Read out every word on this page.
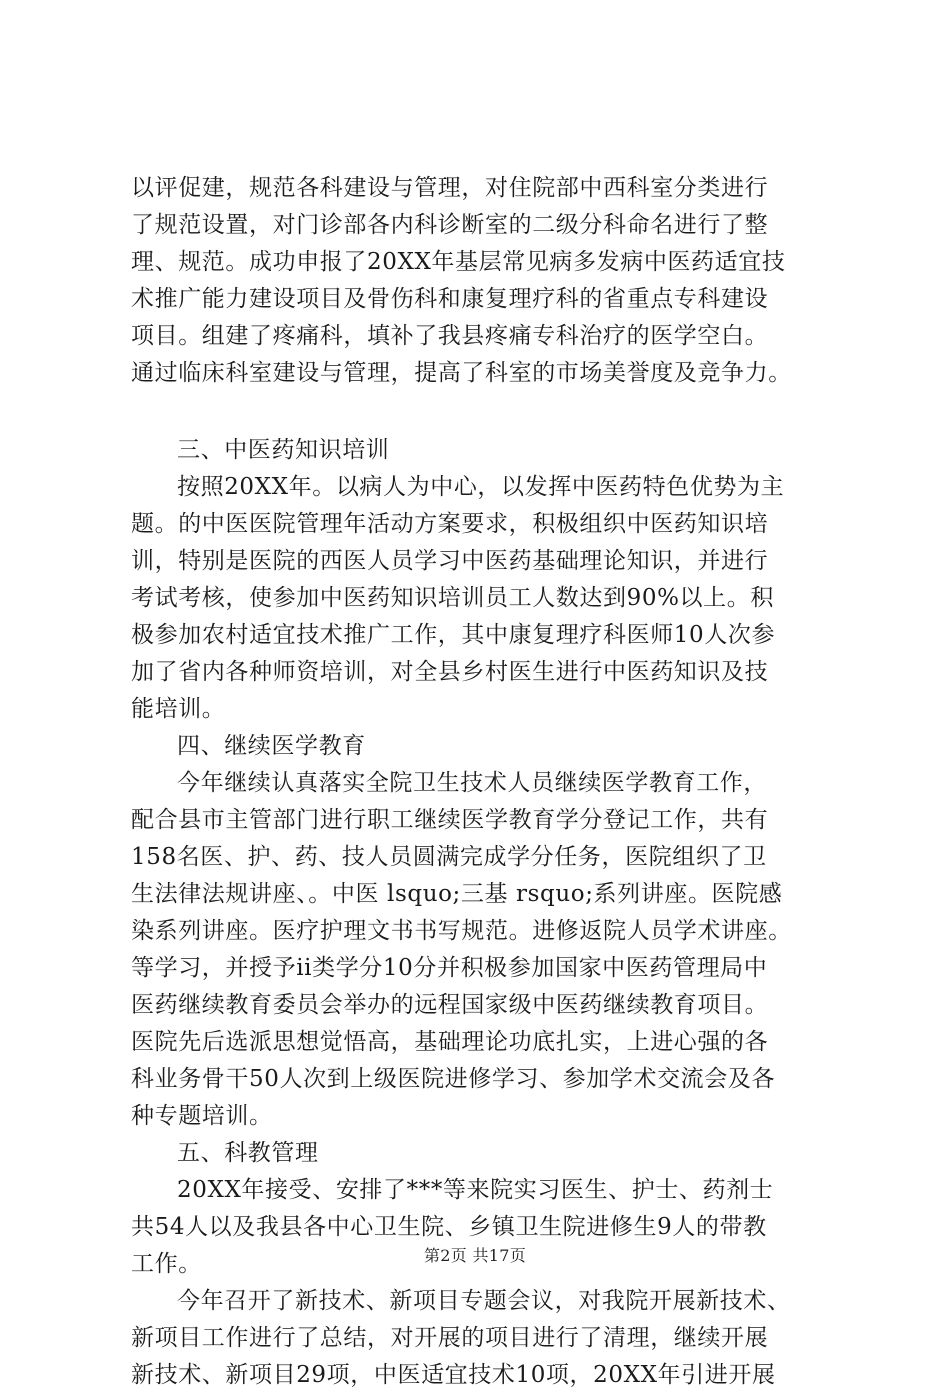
以评促建，规范各科建设与管理，对住院部中西科室分类进行
了规范设置，对门诊部各内科诊断室的二级分科命名进行了整
理、规范。成功申报了20XX年基层常见病多发病中医药适宜技
术推广能力建设项目及骨伤科和康复理疗科的省重点专科建设
项目。组建了疼痛科，填补了我县疼痛专科治疗的医学空白。
通过临床科室建设与管理，提高了科室的市场美誉度及竞争力。
三、中医药知识培训
按照20XX年。以病人为中心，以发挥中医药特色优势为主
题。的中医医院管理年活动方案要求，积极组织中医药知识培
训，特别是医院的西医人员学习中医药基础理论知识，并进行
考试考核，使参加中医药知识培训员工人数达到90%以上。积
极参加农村适宜技术推广工作，其中康复理疗科医师10人次参
加了省内各种师资培训，对全县乡村医生进行中医药知识及技
能培训。
四、继续医学教育
今年继续认真落实全院卫生技术人员继续医学教育工作，
配合县市主管部门进行职工继续医学教育学分登记工作，共有
158名医、护、药、技人员圆满完成学分任务，医院组织了卫
生法律法规讲座、。中医 lsquo;三基 rsquo;系列讲座。医院感
染系列讲座。医疗护理文书书写规范。进修返院人员学术讲座。
等学习，并授予ii类学分10分并积极参加国家中医药管理局中
医药继续教育委员会举办的远程国家级中医药继续教育项目。
医院先后选派思想觉悟高，基础理论功底扎实，上进心强的各
科业务骨干50人次到上级医院进修学习、参加学术交流会及各
种专题培训。
五、科教管理
20XX年接受、安排了***等来院实习医生、护士、药剂士
共54人以及我县各中心卫生院、乡镇卫生院进修生9人的带教
工作。
今年召开了新技术、新项目专题会议，对我院开展新技术、
新项目工作进行了总结，对开展的项目进行了清理，继续开展
新技术、新项目29项，中医适宜技术10项，20XX年引进开展
第2页 共17页
